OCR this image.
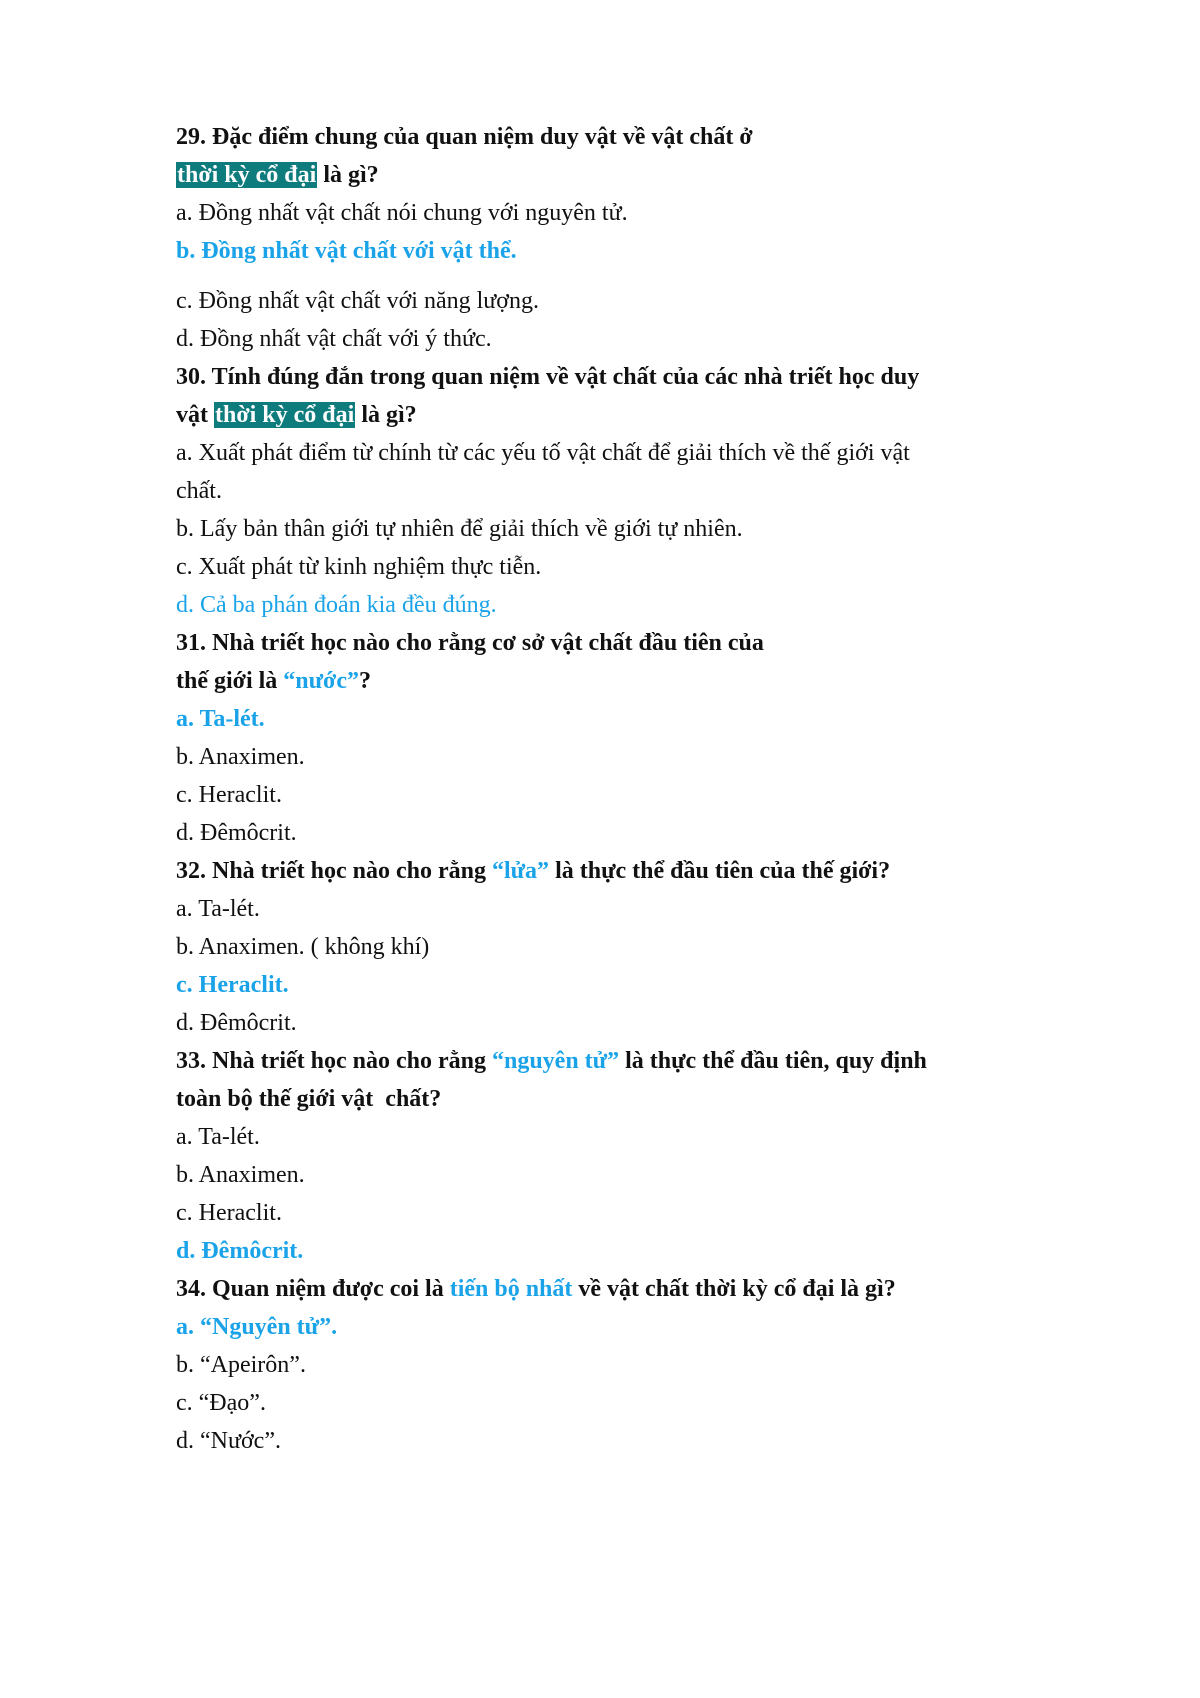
29. Đặc điểm chung của quan niệm duy vật về vật chất ở
thời kỳ cổ đại là gì?
a. Đồng nhất vật chất nói chung với nguyên tử.
b. Đồng nhất vật chất với vật thể.
c. Đồng nhất vật chất với năng lượng.
d. Đồng nhất vật chất với ý thức.
30. Tính đúng đắn trong quan niệm về vật chất của các nhà triết học duy
vật thời kỳ cổ đại là gì?
a. Xuất phát điểm từ chính từ các yếu tố vật chất để giải thích về thế giới vật
chất.
b. Lấy bản thân giới tự nhiên để giải thích về giới tự nhiên.
c. Xuất phát từ kinh nghiệm thực tiễn.
d. Cả ba phán đoán kia đều đúng.
31. Nhà triết học nào cho rằng cơ sở vật chất đầu tiên của
thế giới là “nước”?
a. Ta-lét.
b. Anaximen.
c. Heraclit.
d. Đêmôcrit.
32. Nhà triết học nào cho rằng “lửa” là thực thể đầu tiên của thế giới?
a. Ta-lét.
b. Anaximen. ( không khí)
c. Heraclit.
d. Đêmôcrit.
33. Nhà triết học nào cho rằng “nguyên tử” là thực thể đầu tiên, quy định
toàn bộ thế giới vật  chất?
a. Ta-lét.
b. Anaximen.
c. Heraclit.
d. Đêmôcrit.
34. Quan niệm được coi là tiến bộ nhất về vật chất thời kỳ cổ đại là gì?
a. “Nguyên tử”.
b. “Apeirôn”.
c. “Đạo”.
d. “Nước”.
